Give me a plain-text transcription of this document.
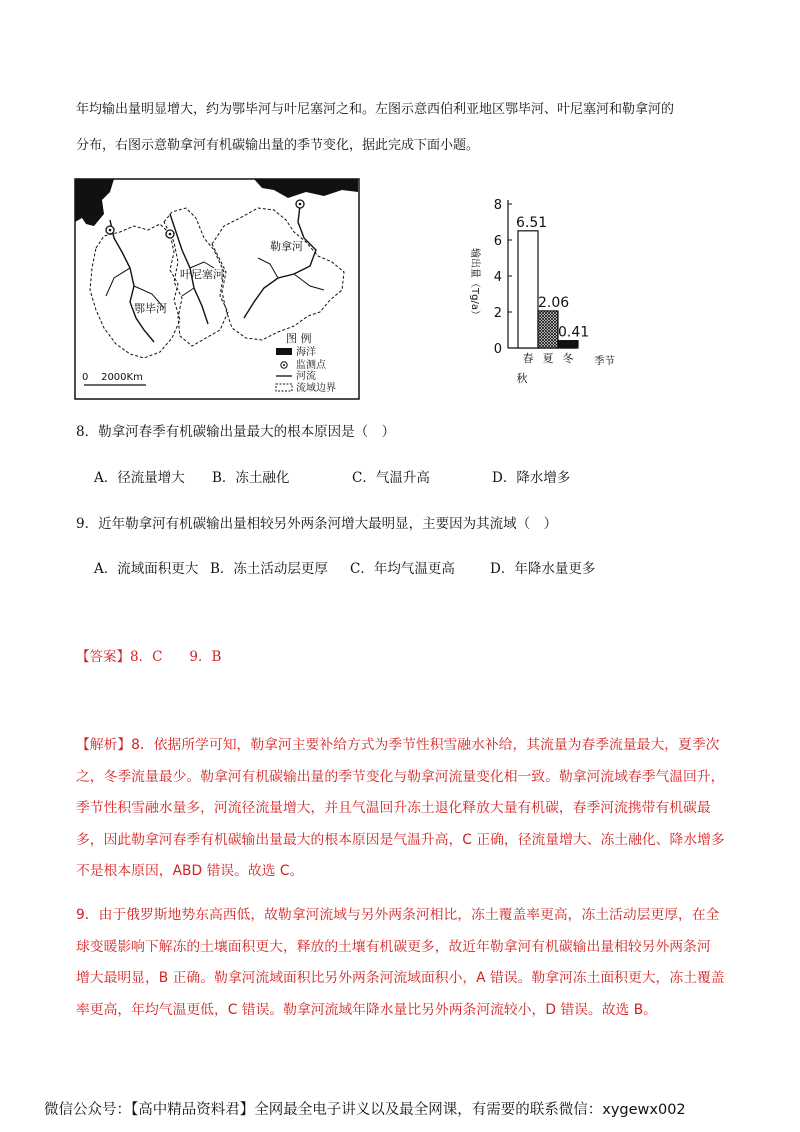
年均输出量明显增大，约为鄂毕河与叶尼塞河之和。左图示意西伯利亚地区鄂毕河、叶尼塞河和勒拿河的
分布，右图示意勒拿河有机碳输出量的季节变化，据此完成下面小题。
勒拿河
叶尼塞河
鄂毕河
图 例
海洋
监测点
河流
流域边界
0    2000Km
输出量（Tg/a）
0
2
4
6
8
6.51
春
2.06
夏
0.41
冬 季节
秋
8．勒拿河春季有机碳输出量最大的根本原因是（　）
A．径流量增大 B．冻土融化	C．气温升高	D．降水增多
9．近年勒拿河有机碳输出量相较另外两条河增大最明显，主要因为其流域（　）
A．流域面积更大 B．冻土活动层更厚 C．年均气温更高	D．年降水量更多
【答案】8．C　　9．B
【解析】8．依据所学可知，勒拿河主要补给方式为季节性积雪融水补给，其流量为春季流量最大，夏季次
之，冬季流量最少。勒拿河有机碳输出量的季节变化与勒拿河流量变化相一致。勒拿河流域春季气温回升，
季节性积雪融水量多，河流径流量增大，并且气温回升冻土退化释放大量有机碳，春季河流携带有机碳最
多，因此勒拿河春季有机碳输出量最大的根本原因是气温升高，C 正确，径流量增大、冻土融化、降水增多
不是根本原因，ABD 错误。故选 C。
9．由于俄罗斯地势东高西低，故勒拿河流域与另外两条河相比，冻土覆盖率更高，冻土活动层更厚，在全
球变暖影响下解冻的土壤面积更大，释放的土壤有机碳更多，故近年勒拿河有机碳输出量相较另外两条河
增大最明显，B 正确。勒拿河流域面积比另外两条河流域面积小，A 错误。勒拿河冻土面积更大，冻土覆盖
率更高，年均气温更低，C 错误。勒拿河流域年降水量比另外两条河流较小，D 错误。故选 B。
微信公众号：【高中精品资料君】全网最全电子讲义以及最全网课，有需要的联系微信：xygewx002
